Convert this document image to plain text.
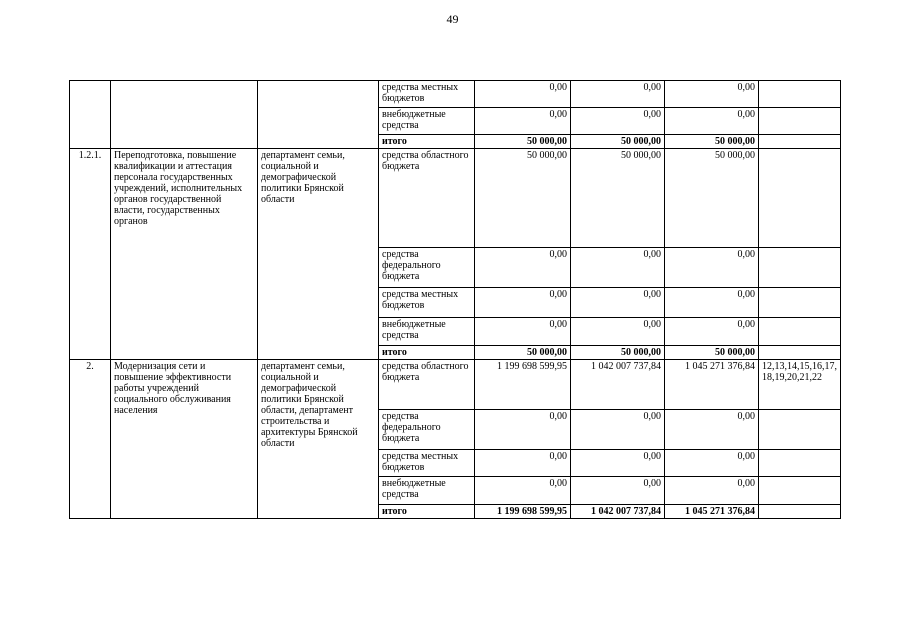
49
			средства местных бюджетов	0,00	0,00	0,00	
			внебюджетные средства	0,00	0,00	0,00	
			итого	50 000,00	50 000,00	50 000,00	
1.2.1.	Переподготовка, повышение квалификации и аттестация персонала государственных учреждений, исполнительных органов государственной власти, государственных органов	департамент семьи, социальной и демографической политики Брянской области	средства областного бюджета	50 000,00	50 000,00	50 000,00	
			средства федерального бюджета	0,00	0,00	0,00	
			средства местных бюджетов	0,00	0,00	0,00	
			внебюджетные средства	0,00	0,00	0,00	
			итого	50 000,00	50 000,00	50 000,00	
2.	Модернизация сети и повышение эффективности работы учреждений социального обслуживания населения	департамент семьи, социальной и демографической политики Брянской области, департамент строительства и архитектуры Брянской области	средства областного бюджета	1 199 698 599,95	1 042 007 737,84	1 045 271 376,84	12,13,14,15,16,17,18,19,20,21,22
			средства федерального бюджета	0,00	0,00	0,00	
			средства местных бюджетов	0,00	0,00	0,00	
			внебюджетные средства	0,00	0,00	0,00	
			итого	1 199 698 599,95	1 042 007 737,84	1 045 271 376,84	
